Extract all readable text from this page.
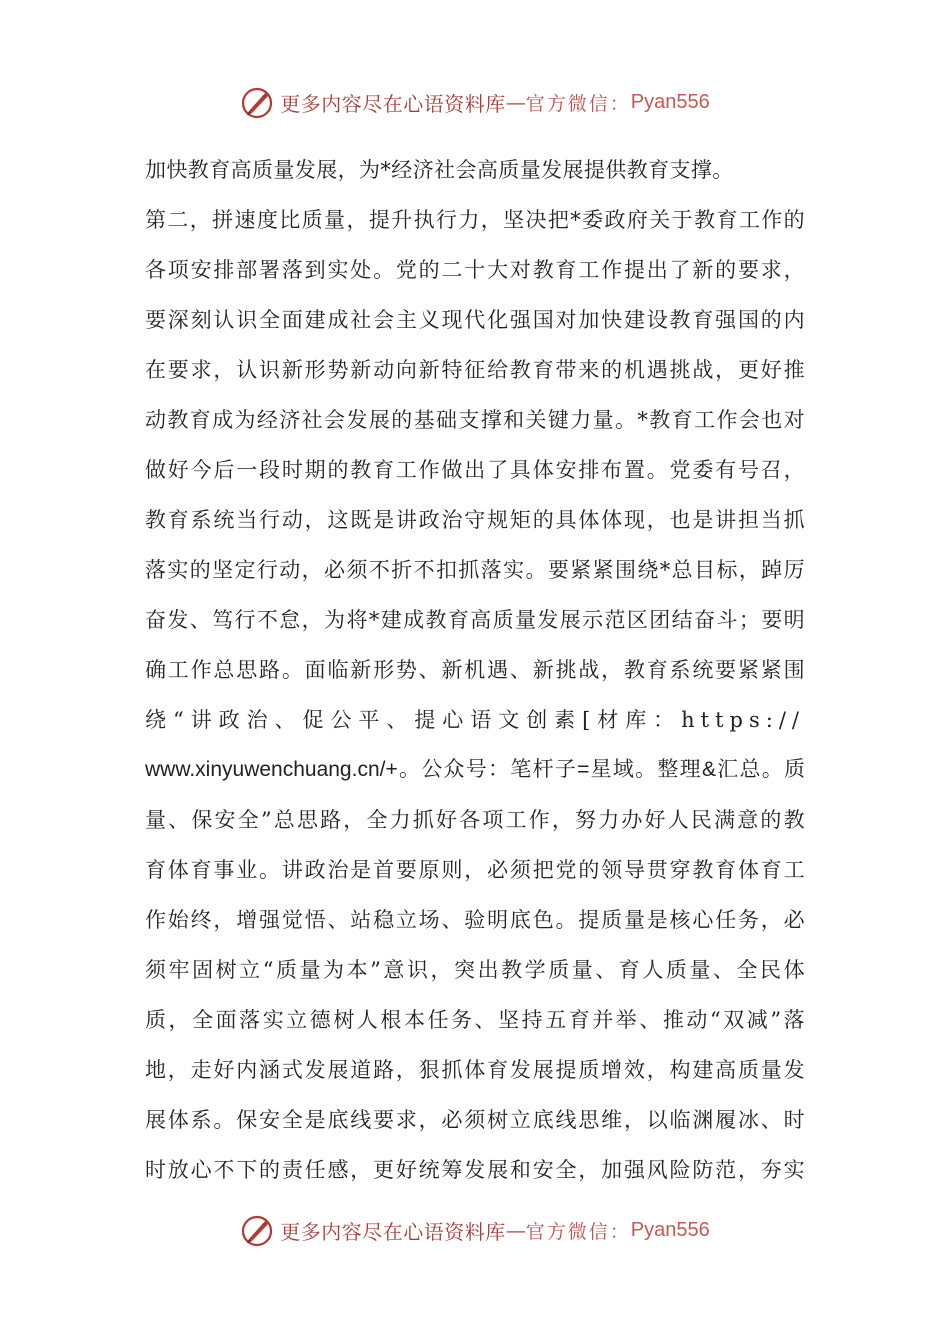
更多内容尽在心语资料库 — 官方微信： Pyan556
加快教育高质量发展，为*经济社会高质量发展提供教育支撑。
第二，拼速度比质量，提升执行力，坚决把*委政府关于教育工作的
各项安排部署落到实处。党的二十大对教育工作提出了新的要求，
要深刻认识全面建成社会主义现代化强国对加快建设教育强国的内
在要求，认识新形势新动向新特征给教育带来的机遇挑战，更好推
动教育成为经济社会发展的基础支撑和关键力量。*教育工作会也对
做好今后一段时期的教育工作做出了具体安排布置。党委有号召，
教育系统当行动，这既是讲政治守规矩的具体体现，也是讲担当抓
落实的坚定行动，必须不折不扣抓落实。要紧紧围绕*总目标，踔厉
奋发、笃行不怠，为将*建成教育高质量发展示范区团结奋斗；要明
确工作总思路。面临新形势、新机遇、新挑战，教育系统要紧紧围
绕“讲政治、促公平、提心语文创素[材库：https://
www.xinyuwenchuang.cn/+。公众号：笔杆子=星域。整理&汇总。质
量、保安全”总思路，全力抓好各项工作，努力办好人民满意的教
育体育事业。讲政治是首要原则，必须把党的领导贯穿教育体育工
作始终，增强觉悟、站稳立场、验明底色。提质量是核心任务，必
须牢固树立“质量为本”意识，突出教学质量、育人质量、全民体
质，全面落实立德树人根本任务、坚持五育并举、推动“双减”落
地，走好内涵式发展道路，狠抓体育发展提质增效，构建高质量发
展体系。保安全是底线要求，必须树立底线思维，以临渊履冰、时
时放心不下的责任感，更好统筹发展和安全，加强风险防范，夯实
更多内容尽在心语资料库 — 官方微信： Pyan556
